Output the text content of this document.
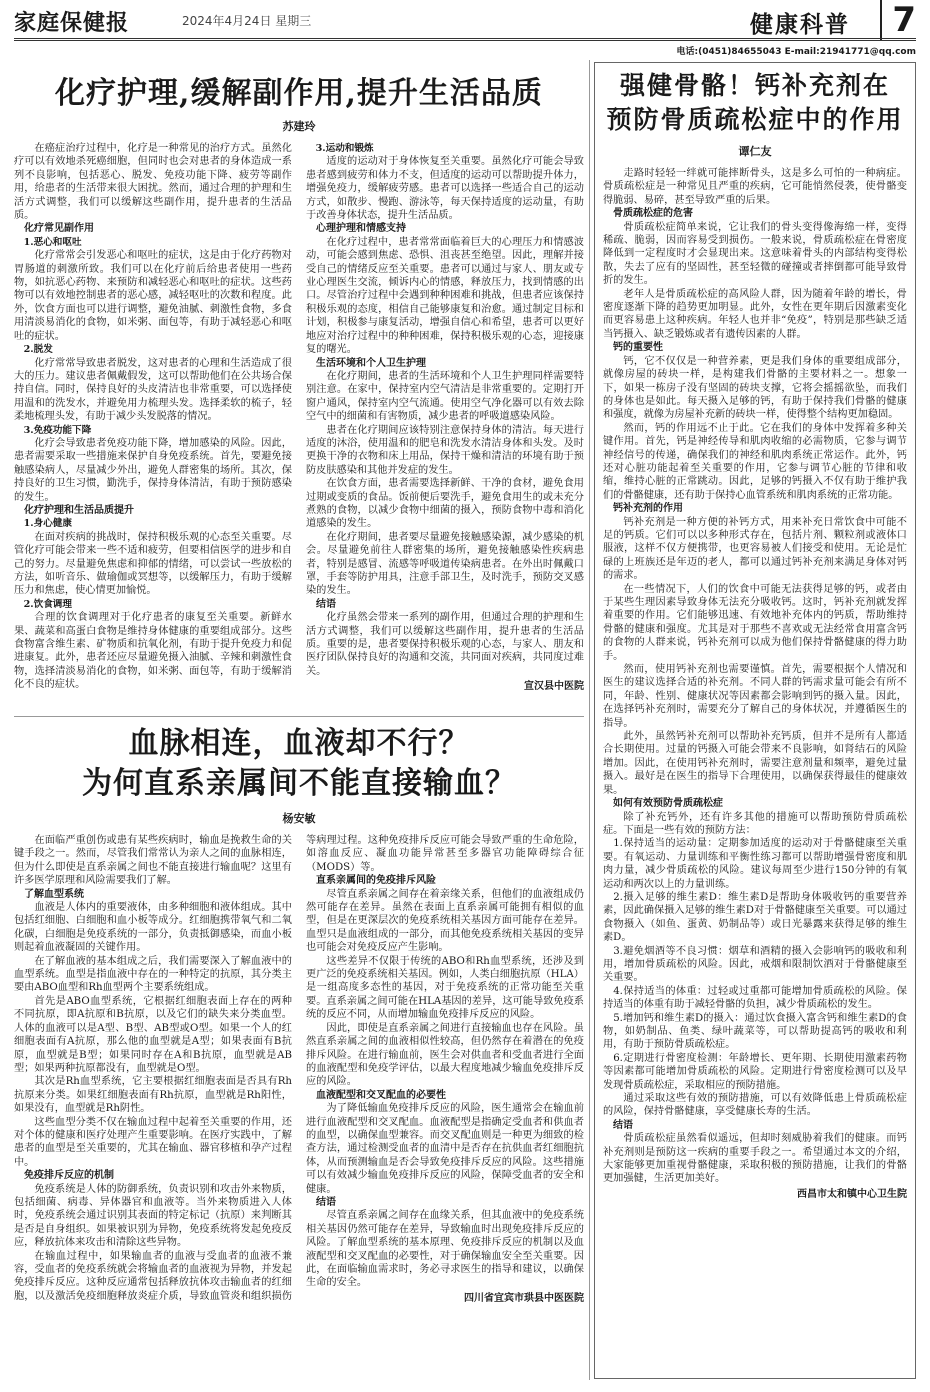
家庭保健报	2024年4月24日 星期三	健康科普	7
电话:(0451)84655043 E-mail:21941771@qq.com
化疗护理,缓解副作用,提升生活品质
苏建玲

在癌症治疗过程中，化疗是一种常见的治疗方式。虽然化疗可以有效地杀死癌细胞，但同时也会对患者的身体造成一系列不良影响，包括恶心、脱发、免疫功能下降、疲劳等副作用，给患者的生活带来很大困扰。然而，通过合理的护理和生活方式调整，我们可以缓解这些副作用，提升患者的生活品质。

化疗常见副作用

1.恶心和呕吐

化疗常常会引发恶心和呕吐的症状，这是由于化疗药物对胃肠道的刺激所致。我们可以在化疗前后给患者使用一些药物，如抗恶心药物、来预防和减轻恶心和呕吐的症状。这些药物可以有效地控制患者的恶心感，减轻呕吐的次数和程度。此外，饮食方面也可以进行调整，避免油腻、刺激性食物，多食用清淡易消化的食物，如米粥、面包等，有助于减轻恶心和呕吐的症状。

2.脱发

化疗常常导致患者脱发，这对患者的心理和生活造成了很大的压力。建议患者佩戴假发，这可以帮助他们在公共场合保持自信。同时，保持良好的头皮清洁也非常重要，可以选择使用温和的洗发水，并避免用力梳理头发。选择柔软的梳子，轻柔地梳理头发，有助于减少头发脱落的情况。

3.免疫功能下降

化疗会导致患者免疫功能下降，增加感染的风险。因此，患者需要采取一些措施来保护自身免疫系统。首先，要避免接触感染病人，尽量减少外出，避免人群密集的场所。其次，保持良好的卫生习惯，勤洗手，保持身体清洁，有助于预防感染的发生。

化疗护理和生活品质提升

1.身心健康

在面对疾病的挑战时，保持积极乐观的心态至关重要。尽管化疗可能会带来一些不适和疲劳，但要相信医学的进步和自己的努力。尽量避免焦虑和抑郁的情绪，可以尝试一些放松的方法，如听音乐、做瑜伽或冥想等，以缓解压力，有助于缓解压力和焦虑，使心情更加愉悦。

2.饮食调理

合理的饮食调理对于化疗患者的康复至关重要。新鲜水果、蔬菜和高蛋白食物是维持身体健康的重要组成部分。这些食物富含维生素、矿物质和抗氧化剂，有助于提升免疫力和促进康复。此外，患者还应尽量避免摄入油腻、辛辣和刺激性食物，选择清淡易消化的食物，如米粥、面包等，有助于缓解消化不良的症状。

3.运动和锻炼

适度的运动对于身体恢复至关重要。虽然化疗可能会导致患者感到疲劳和体力不支，但适度的运动可以帮助提升体力，增强免疫力，缓解疲劳感。患者可以选择一些适合自己的运动方式，如散步、慢跑、游泳等，每天保持适度的运动量，有助于改善身体状态，提升生活品质。

心理护理和情感支持

在化疗过程中，患者常常面临着巨大的心理压力和情感波动，可能会感到焦虑、恐惧、沮丧甚至绝望。因此，理解并接受自己的情绪反应至关重要。患者可以通过与家人、朋友或专业心理医生交流，倾诉内心的情感，释放压力，找到情感的出口。尽管治疗过程中会遇到种种困难和挑战，但患者应该保持积极乐观的态度，相信自己能够康复和治愈。通过制定目标和计划，积极参与康复活动，增强自信心和希望，患者可以更好地应对治疗过程中的种种困难，保持积极乐观的心态，迎接康复的曙光。

生活环境和个人卫生护理

在化疗期间，患者的生活环境和个人卫生护理同样需要特别注意。在家中，保持室内空气清洁是非常重要的。定期打开窗户通风，保持室内空气流通。使用空气净化器可以有效去除空气中的细菌和有害物质，减少患者的呼吸道感染风险。

患者在化疗期间应该特别注意保持身体的清洁。每天进行适度的沐浴，使用温和的肥皂和洗发水清洁身体和头发。及时更换干净的衣物和床上用品，保持干燥和清洁的环境有助于预防皮肤感染和其他并发症的发生。

在饮食方面，患者需要选择新鲜、干净的食材，避免食用过期或变质的食品。饭前便后要洗手，避免食用生的或未充分煮熟的食物，以减少食物中细菌的摄入，预防食物中毒和消化道感染的发生。

在化疗期间，患者要尽量避免接触感染源，减少感染的机会。尽量避免前往人群密集的场所，避免接触感染性疾病患者，特别是感冒、流感等呼吸道传染病患者。在外出时佩戴口罩，手套等防护用具，注意手部卫生，及时洗手，预防交叉感染的发生。

结语

化疗虽然会带来一系列的副作用，但通过合理的护理和生活方式调整，我们可以缓解这些副作用，提升患者的生活品质。重要的是，患者要保持积极乐观的心态，与家人、朋友和医疗团队保持良好的沟通和交流，共同面对疾病，共同度过难关。

宣汉县中医院

血脉相连，血液却不行？
为何直系亲属间不能直接输血？
杨安敏

在面临严重创伤或患有某些疾病时，输血是挽救生命的关键手段之一。然而，尽管我们常常认为亲人之间的血脉相连，但为什么即使是直系亲属之间也不能直接进行输血呢？这里有许多医学原理和风险需要我们了解。

了解血型系统

血液是人体内的重要液体，由多种细胞和液体组成。其中包括红细胞、白细胞和血小板等成分。红细胞携带氧气和二氧化碳，白细胞是免疫系统的一部分，负责抵御感染，而血小板则起着血液凝固的关键作用。

在了解血液的基本组成之后，我们需要深入了解血液中的血型系统。血型是指血液中存在的一种特定的抗原，其分类主要由ABO血型和Rh血型两个主要系统组成。

首先是ABO血型系统，它根据红细胞表面上存在的两种不同抗原，即A抗原和B抗原，以及它们的缺失来分类血型。人体的血液可以是A型、B型、AB型或O型。如果一个人的红细胞表面有A抗原，那么他的血型就是A型；如果表面有B抗原，血型就是B型；如果同时存在A和B抗原，血型就是AB型；如果两种抗原都没有，血型就是O型。

其次是Rh血型系统，它主要根据红细胞表面是否具有Rh抗原来分类。如果红细胞表面有Rh抗原，血型就是Rh阳性，如果没有，血型就是Rh阴性。

这些血型分类不仅在输血过程中起着至关重要的作用，还对个体的健康和医疗处理产生重要影响。在医疗实践中，了解患者的血型是至关重要的，尤其在输血、器官移植和孕产过程中。

免疫排斥反应的机制

免疫系统是人体的防御系统，负责识别和攻击外来物质，包括细菌、病毒、异体器官和血液等。当外来物质进入人体时，免疫系统会通过识别其表面的特定标记（抗原）来判断其是否是自身组织。如果被识别为异物，免疫系统将发起免疫反应，释放抗体来攻击和清除这些异物。

在输血过程中，如果输血者的血液与受血者的血液不兼容，受血者的免疫系统就会将输血者的血液视为异物，并发起免疫排斥反应。这种反应通常包括释放抗体攻击输血者的红细胞，以及激活免疫细胞释放炎症介质，导致血管炎和组织损伤等病理过程。这种免疫排斥反应可能会导致严重的生命危险，如溶血反应、凝血功能异常甚至多器官功能障碍综合征（MODS）等。

直系亲属间的免疫排斥风险

尽管直系亲属之间存在着亲缘关系，但他们的血液组成仍然可能存在差异。虽然在表面上直系亲属可能拥有相似的血型，但是在更深层次的免疫系统相关基因方面可能存在差异。血型只是血液组成的一部分，而其他免疫系统相关基因的变异也可能会对免疫反应产生影响。

这些差异不仅限于传统的ABO和Rh血型系统，还涉及到更广泛的免疫系统相关基因。例如，人类白细胞抗原（HLA）是一组高度多态性的基因，对于免疫系统的正常功能至关重要。直系亲属之间可能在HLA基因的差异，这可能导致免疫系统的反应不同，从而增加输血免疫排斥反应的风险。

因此，即使是直系亲属之间进行直接输血也存在风险。虽然直系亲属之间的血液相似性较高，但仍然存在着潜在的免疫排斥风险。在进行输血前，医生会对供血者和受血者进行全面的血液配型和免疫学评估，以最大程度地减少输血免疫排斥反应的风险。

血液配型和交叉配血的必要性

为了降低输血免疫排斥反应的风险，医生通常会在输血前进行血液配型和交叉配血。血液配型是指确定受血者和供血者的血型，以确保血型兼容。而交叉配血则是一种更为细致的检查方法，通过检测受血者的血清中是否存在抗供血者红细胞抗体，从而预测输血是否会导致免疫排斥反应的风险。这些措施可以有效减少输血免疫排斥反应的风险，保障受血者的安全和健康。

结语

尽管直系亲属之间存在血缘关系，但其血液中的免疫系统相关基因仍然可能存在差异，导致输血时出现免疫排斥反应的风险。了解血型系统的基本原理、免疫排斥反应的机制以及血液配型和交叉配血的必要性，对于确保输血安全至关重要。因此，在面临输血需求时，务必寻求医生的指导和建议，以确保生命的安全。

四川省宜宾市珙县中医医院

强健骨骼！钙补充剂在
预防骨质疏松症中的作用
谭仁友

走路时轻轻一绊就可能摔断骨头，这是多么可怕的一种病症。骨质疏松症是一种常见且严重的疾病，它可能悄然侵袭，使骨骼变得脆弱、易碎，甚至导致严重的后果。

骨质疏松症的危害

骨质疏松症简单来说，它让我们的骨头变得像海绵一样，变得稀疏、脆弱，因而容易受到损伤。一般来说，骨质疏松症在骨密度降低到一定程度时才会显现出来。这意味着骨头的内部结构变得松散，失去了应有的坚固性，甚至轻微的碰撞或者摔倒都可能导致骨折的发生。

老年人是骨质疏松症的高风险人群，因为随着年龄的增长，骨密度逐渐下降的趋势更加明显。此外，女性在更年期后因激素变化而更容易患上这种疾病。年轻人也并非“免疫”，特别是那些缺乏适当钙摄入、缺乏锻炼或者有遗传因素的人群。

钙的重要性

钙，它不仅仅是一种营养素，更是我们身体的重要组成部分，就像房屋的砖块一样，是构建我们骨骼的主要材料之一。想象一下，如果一栋房子没有坚固的砖块支撑，它将会摇摇欲坠，而我们的身体也是如此。每天摄入足够的钙，有助于保持我们骨骼的健康和强度，就像为房屋补充新的砖块一样，使得整个结构更加稳固。

然而，钙的作用远不止于此。它在我们的身体中发挥着多种关键作用。首先，钙是神经传导和肌肉收缩的必需物质，它参与调节神经信号的传递，确保我们的神经和肌肉系统正常运作。此外，钙还对心脏功能起着至关重要的作用，它参与调节心脏的节律和收缩，维持心脏的正常跳动。因此，足够的钙摄入不仅有助于维护我们的骨骼健康，还有助于保持心血管系统和肌肉系统的正常功能。

钙补充剂的作用

钙补充剂是一种方便的补钙方式，用来补充日常饮食中可能不足的钙质。它们可以以多种形式存在，包括片剂、颗粒剂或液体口服液，这样不仅方便携带，也更容易被人们接受和使用。无论是忙碌的上班族还是年迈的老人，都可以通过钙补充剂来满足身体对钙的需求。

在一些情况下，人们的饮食中可能无法获得足够的钙，或者由于某些生理因素导致身体无法充分吸收钙。这时，钙补充剂就发挥着重要的作用。它们能够迅速、有效地补充体内的钙质，帮助维持骨骼的健康和强度。尤其是对于那些不喜欢或无法经常食用富含钙的食物的人群来说，钙补充剂可以成为他们保持骨骼健康的得力助手。

然而，使用钙补充剂也需要谨慎。首先，需要根据个人情况和医生的建议选择合适的补充剂。不同人群的钙需求量可能会有所不同，年龄、性别、健康状况等因素都会影响到钙的摄入量。因此，在选择钙补充剂时，需要充分了解自己的身体状况，并遵循医生的指导。

此外，虽然钙补充剂可以帮助补充钙质，但并不是所有人都适合长期使用。过量的钙摄入可能会带来不良影响，如肾结石的风险增加。因此，在使用钙补充剂时，需要注意剂量和频率，避免过量摄入。最好是在医生的指导下合理使用，以确保获得最佳的健康效果。

如何有效预防骨质疏松症

除了补充钙外，还有许多其他的措施可以帮助预防骨质疏松症。下面是一些有效的预防方法：

1.保持适当的运动量：定期参加适度的运动对于骨骼健康至关重要。有氧运动、力量训练和平衡性练习都可以帮助增强骨密度和肌肉力量，减少骨质疏松的风险。建议每周至少进行150分钟的有氧运动和两次以上的力量训练。

2.摄入足够的维生素D：维生素D是帮助身体吸收钙的重要营养素，因此确保摄入足够的维生素D对于骨骼健康至关重要。可以通过食物摄入（如鱼、蛋黄、奶制品等）或日光暴露来获得足够的维生素D。

3.避免烟酒等不良习惯：烟草和酒精的摄入会影响钙的吸收和利用，增加骨质疏松的风险。因此，戒烟和限制饮酒对于骨骼健康至关重要。

4.保持适当的体重：过轻或过重都可能增加骨质疏松的风险。保持适当的体重有助于减轻骨骼的负担，减少骨质疏松的发生。

5.增加钙和维生素D的摄入：通过饮食摄入富含钙和维生素D的食物，如奶制品、鱼类、绿叶蔬菜等，可以帮助提高钙的吸收和利用，有助于预防骨质疏松症。

6.定期进行骨密度检测：年龄增长、更年期、长期使用激素药物等因素都可能增加骨质疏松的风险。定期进行骨密度检测可以及早发现骨质疏松症，采取相应的预防措施。

通过采取这些有效的预防措施，可以有效降低患上骨质疏松症的风险，保持骨骼健康，享受健康长寿的生活。

结语

骨质疏松症虽然看似遥远，但却时刻威胁着我们的健康。而钙补充剂则是预防这一疾病的重要手段之一。希望通过本文的介绍，大家能够更加重视骨骼健康，采取积极的预防措施，让我们的骨骼更加强健，生活更加美好。

西昌市太和镇中心卫生院
